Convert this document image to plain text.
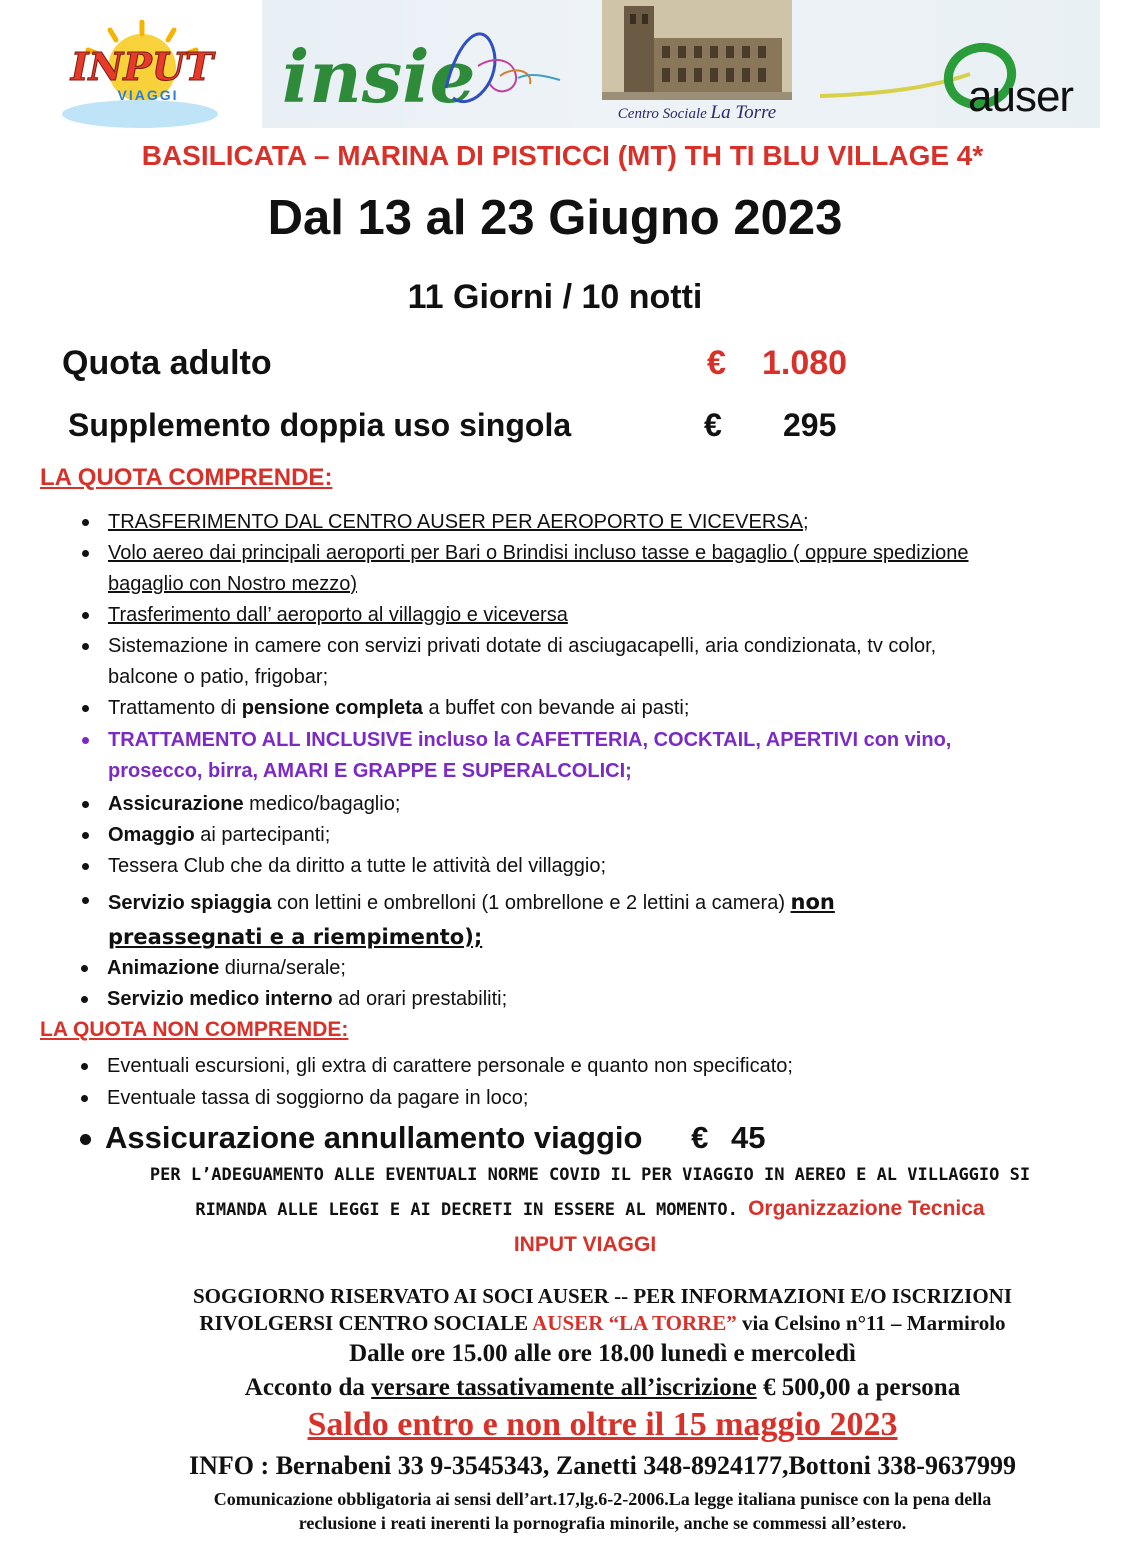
INPUT
VIAGGI insie	Centro Sociale La Torre	auser
BASILICATA – MARINA DI PISTICCI (MT) TH TI BLU VILLAGE 4*
Dal 13 al 23 Giugno 2023
11 Giorni / 10 notti
Quota adulto	€ 1.080
Supplemento doppia uso singola	€ 295
LA QUOTA COMPRENDE:
TRASFERIMENTO DAL CENTRO AUSER PER AEROPORTO E VICEVERSA;
Volo aereo dai principali aeroporti per Bari o Brindisi incluso tasse e bagaglio ( oppure spedizione
bagaglio con Nostro mezzo)
Trasferimento dall’ aeroporto al villaggio e viceversa
Sistemazione in camere con servizi privati dotate di asciugacapelli, aria condizionata, tv color,
balcone o patio, frigobar;
Trattamento di pensione completa a buffet con bevande ai pasti;
TRATTAMENTO ALL INCLUSIVE incluso la CAFETTERIA, COCKTAIL, APERTIVI con vino,
prosecco, birra, AMARI E GRAPPE E SUPERALCOLICI;
Assicurazione medico/bagaglio;
Omaggio ai partecipanti;
Tessera Club che da diritto a tutte le attività del villaggio;
Servizio spiaggia con lettini e ombrelloni (1 ombrellone e 2 lettini a camera) non
preassegnati e a riempimento);
Animazione diurna/serale;
Servizio medico interno ad orari prestabiliti;
LA QUOTA NON COMPRENDE:
Eventuali escursioni, gli extra di carattere personale e quanto non specificato;
Eventuale tassa di soggiorno da pagare in loco;
Assicurazione annullamento viaggio € 45
PER L’ADEGUAMENTO ALLE EVENTUALI NORME COVID IL PER VIAGGIO IN AEREO E AL VILLAGGIO SI
RIMANDA ALLE LEGGI E AI DECRETI IN ESSERE AL MOMENTO. Organizzazione Tecnica
INPUT VIAGGI
SOGGIORNO RISERVATO AI SOCI AUSER -- PER INFORMAZIONI E/O ISCRIZIONI
RIVOLGERSI CENTRO SOCIALE AUSER “LA TORRE” via Celsino n°11 – Marmirolo
Dalle ore 15.00 alle ore 18.00 lunedì e mercoledì
Acconto da versare tassativamente all’iscrizione € 500,00 a persona
Saldo entro e non oltre il 15 maggio 2023
INFO : Bernabeni 33 9-3545343, Zanetti 348-8924177,Bottoni 338-9637999
Comunicazione obbligatoria ai sensi dell’art.17,lg.6-2-2006.La legge italiana punisce con la pena della
reclusione i reati inerenti la pornografia minorile, anche se commessi all’estero.
